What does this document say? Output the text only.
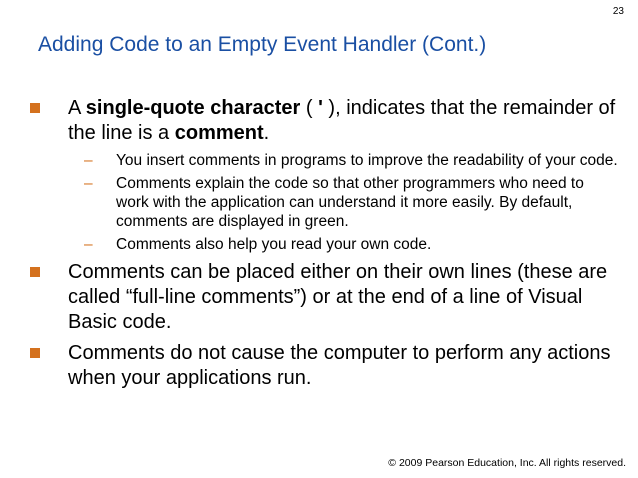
23
Adding Code to an Empty Event Handler (Cont.)
A single-quote character ( ' ), indicates that the remainder of the line is a comment.
– You insert comments in programs to improve the readability of your code.
– Comments explain the code so that other programmers who need to work with the application can understand it more easily. By default, comments are displayed in green.
– Comments also help you read your own code.
Comments can be placed either on their own lines (these are called “full-line comments”) or at the end of a line of Visual Basic code.
Comments do not cause the computer to perform any actions when your applications run.
© 2009 Pearson Education, Inc. All rights reserved.
